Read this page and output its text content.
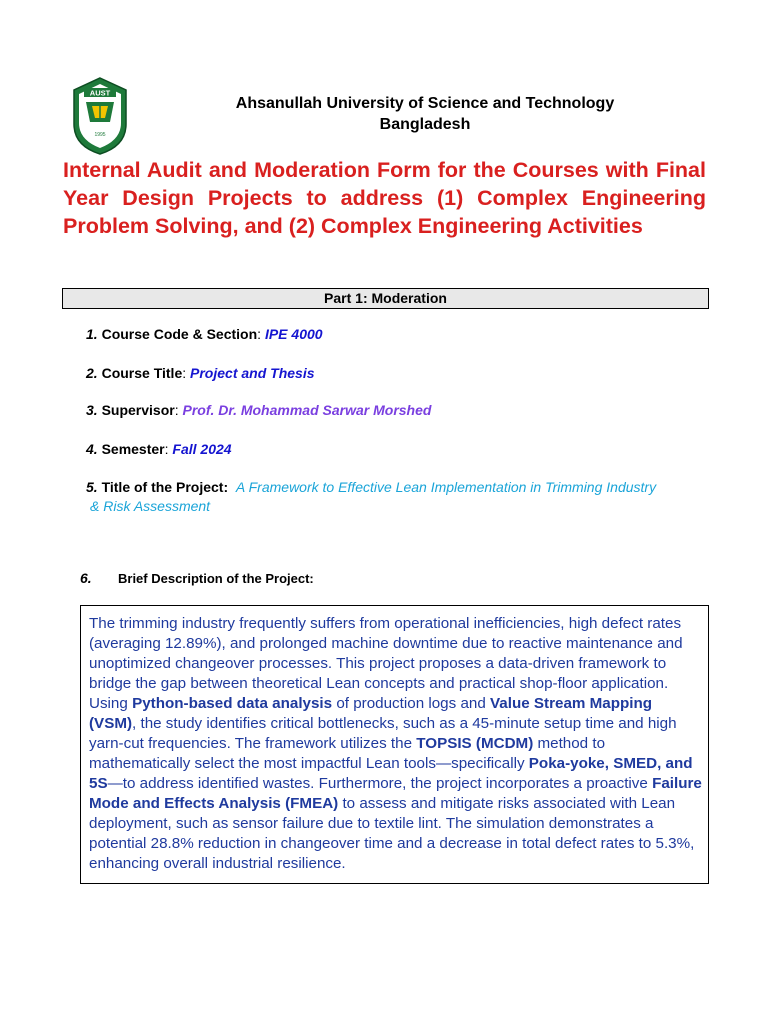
AUST
1995
Ahsanullah University of Science and Technology
Bangladesh
Internal Audit and Moderation Form for the Courses with Final Year Design Projects to address (1) Complex Engineering Problem Solving, and (2) Complex Engineering Activities
Part 1: Moderation
1. Course Code & Section: IPE 4000
2. Course Title: Project and Thesis
3. Supervisor: Prof. Dr. Mohammad Sarwar Morshed
4. Semester: Fall 2024
5. Title of the Project: A Framework to Effective Lean Implementation in Trimming Industry
& Risk Assessment
6. Brief Description of the Project:
The trimming industry frequently suffers from operational inefficiencies, high defect rates (averaging 12.89%), and prolonged machine downtime due to reactive maintenance and unoptimized changeover processes. This project proposes a data-driven framework to bridge the gap between theoretical Lean concepts and practical shop-floor application. Using Python-based data analysis of production logs and Value Stream Mapping (VSM), the study identifies critical bottlenecks, such as a 45-minute setup time and high yarn-cut frequencies. The framework utilizes the TOPSIS (MCDM) method to mathematically select the most impactful Lean tools—specifically Poka-yoke, SMED, and 5S—to address identified wastes. Furthermore, the project incorporates a proactive Failure Mode and Effects Analysis (FMEA) to assess and mitigate risks associated with Lean deployment, such as sensor failure due to textile lint. The simulation demonstrates a potential 28.8% reduction in changeover time and a decrease in total defect rates to 5.3%, enhancing overall industrial resilience.
